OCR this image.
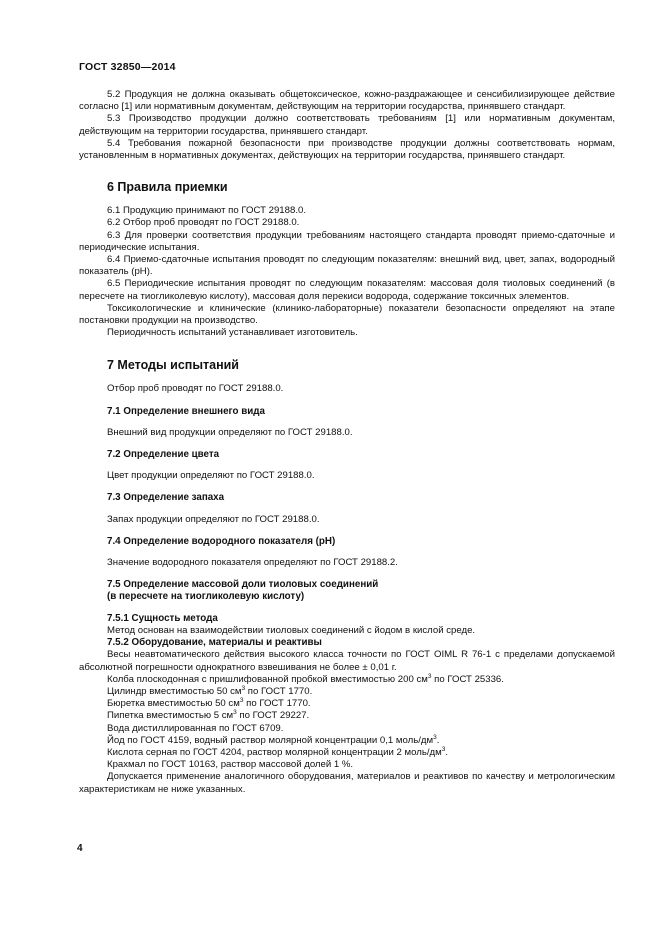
ГОСТ 32850—2014

5.2 Продукция не должна оказывать общетоксическое, кожно-раздражающее и сенсибилизирующее действие согласно [1] или нормативным документам, действующим на территории государства, принявшего стандарт.

5.3 Производство продукции должно соответствовать требованиям [1] или нормативным документам, действующим на территории государства, принявшего стандарт.

5.4 Требования пожарной безопасности при производстве продукции должны соответствовать нормам, установленным в нормативных документах, действующих на территории государства, принявшего стандарт.

6 Правила приемки

6.1 Продукцию принимают по ГОСТ 29188.0.

6.2 Отбор проб проводят по ГОСТ 29188.0.

6.3 Для проверки соответствия продукции требованиям настоящего стандарта проводят приемо-сдаточные и периодические испытания.

6.4 Приемо-сдаточные испытания проводят по следующим показателям: внешний вид, цвет, запах, водородный показатель (pH).

6.5 Периодические испытания проводят по следующим показателям: массовая доля тиоловых соединений (в пересчете на тиогликолевую кислоту), массовая доля перекиси водорода, содержание токсичных элементов.

Токсикологические и клинические (клинико-лабораторные) показатели безопасности определяют на этапе постановки продукции на производство.

Периодичность испытаний устанавливает изготовитель.

7 Методы испытаний

Отбор проб проводят по ГОСТ 29188.0.

7.1 Определение внешнего вида

Внешний вид продукции определяют по ГОСТ 29188.0.

7.2 Определение цвета

Цвет продукции определяют по ГОСТ 29188.0.

7.3 Определение запаха

Запах продукции определяют по ГОСТ 29188.0.

7.4 Определение водородного показателя (pH)

Значение водородного показателя определяют по ГОСТ 29188.2.

7.5 Определение массовой доли тиоловых соединений
(в пересчете на тиогликолевую кислоту)
7.5.1 Сущность метода

Метод основан на взаимодействии тиоловых соединений с йодом в кислой среде.

7.5.2 Оборудование, материалы и реактивы

Весы неавтоматического действия высокого класса точности по ГОСТ OIML R 76-1 с пределами допускаемой абсолютной погрешности однократного взвешивания не более ± 0,01 г.

Колба плоскодонная с пришлифованной пробкой вместимостью 200 $см^3$ по ГОСТ 25336.

Цилиндр вместимостью 50 $см^3$ по ГОСТ 1770.

Бюретка вместимостью 50 $см^3$ по ГОСТ 1770.

Пипетка вместимостью 5 $см^3$ по ГОСТ 29227.

Вода дистиллированная по ГОСТ 6709.

Йод по ГОСТ 4159, водный раствор молярной концентрации 0,1 моль/$дм^3$.

Кислота серная по ГОСТ 4204, раствор молярной концентрации 2 моль/$дм^3$.

Крахмал по ГОСТ 10163, раствор массовой долей 1 %.

Допускается применение аналогичного оборудования, материалов и реактивов по качеству и метрологическим характеристикам не ниже указанных.

4
